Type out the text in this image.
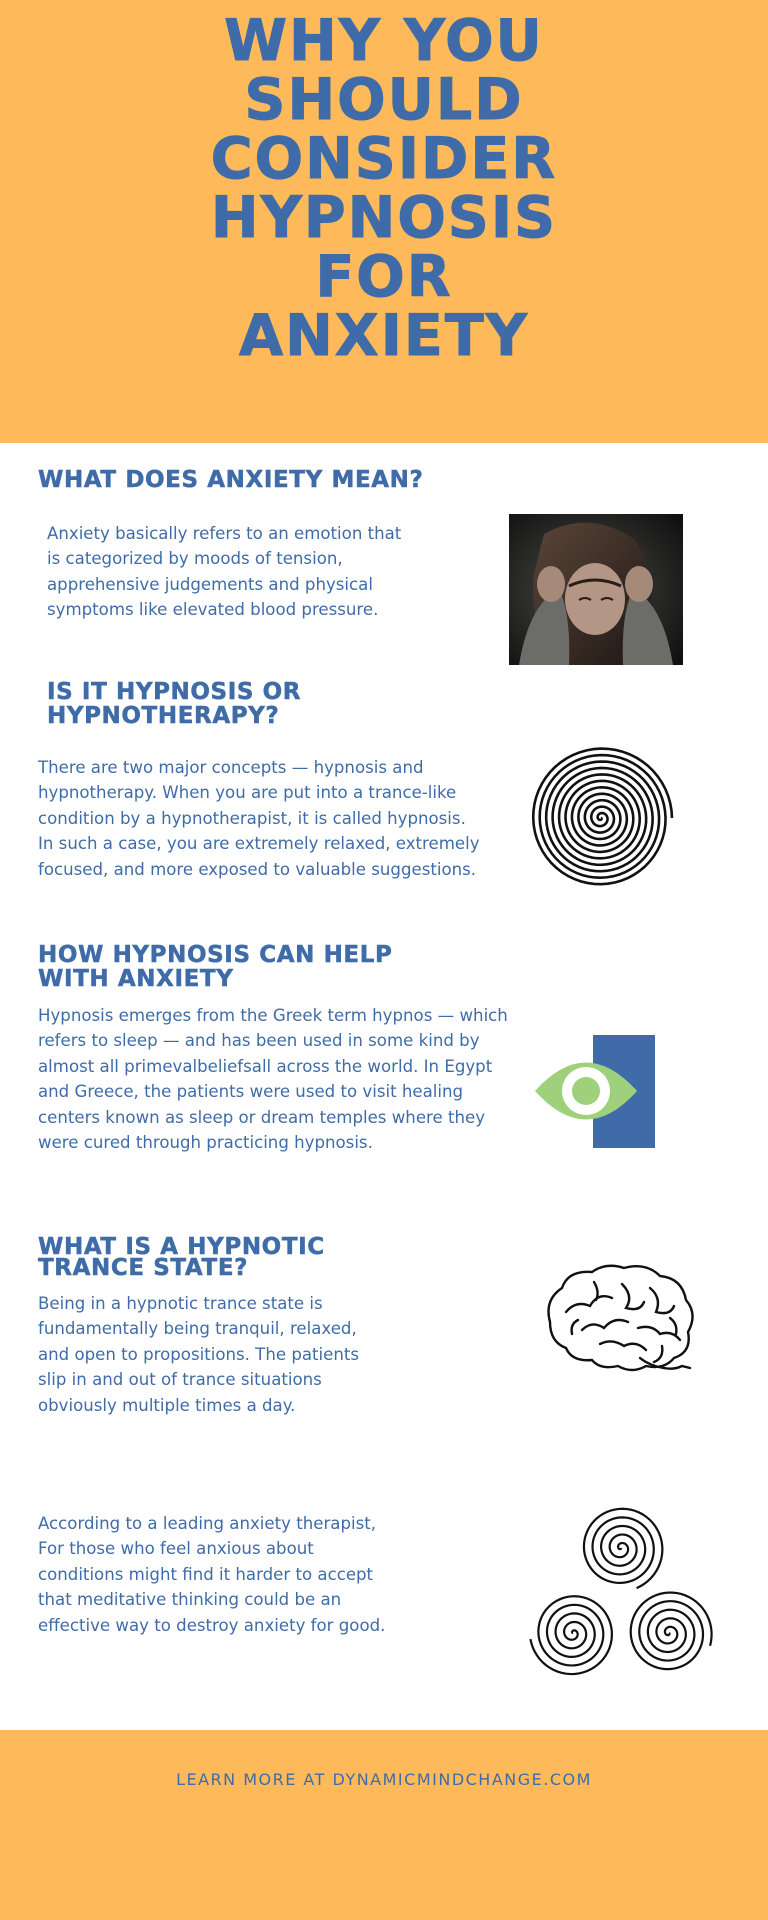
WHY YOU
SHOULD
CONSIDER
HYPNOSIS
FOR
ANXIETY
WHAT DOES ANXIETY MEAN?
Anxiety basically refers to an emotion that
is categorized by moods of tension,
apprehensive judgements and physical
symptoms like elevated blood pressure.
IS IT HYPNOSIS OR
HYPNOTHERAPY?
There are two major concepts — hypnosis and
hypnotherapy. When you are put into a trance-like
condition by a hypnotherapist, it is called hypnosis.
In such a case, you are extremely relaxed, extremely
focused, and more exposed to valuable suggestions.
HOW HYPNOSIS CAN HELP
WITH ANXIETY
Hypnosis emerges from the Greek term hypnos — which
refers to sleep — and has been used in some kind by
almost all primevalbeliefsall across the world. In Egypt
and Greece, the patients were used to visit healing
centers known as sleep or dream temples where they
were cured through practicing hypnosis.
WHAT IS A HYPNOTIC
TRANCE STATE?
Being in a hypnotic trance state is
fundamentally being tranquil, relaxed,
and open to propositions. The patients
slip in and out of trance situations
obviously multiple times a day.
According to a leading anxiety therapist,
For those who feel anxious about
conditions might find it harder to accept
that meditative thinking could be an
effective way to destroy anxiety for good.

LEARN MORE AT DYNAMICMINDCHANGE.COM
